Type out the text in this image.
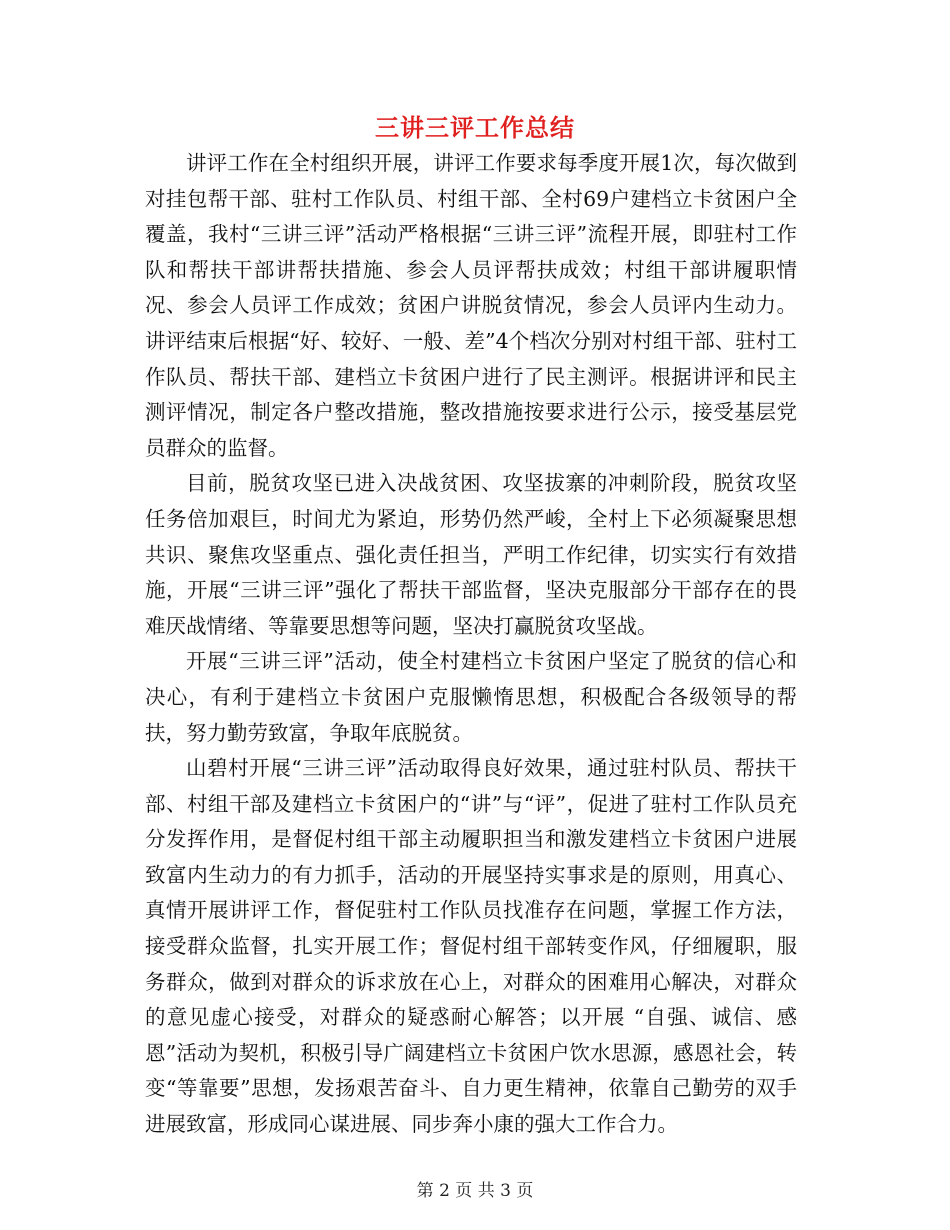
三讲三评工作总结

讲评工作在全村组织开展，讲评工作要求每季度开展1次，每次做到对挂包帮干部、驻村工作队员、村组干部、全村69户建档立卡贫困户全覆盖，我村“三讲三评”活动严格根据“三讲三评”流程开展，即驻村工作队和帮扶干部讲帮扶措施、参会人员评帮扶成效；村组干部讲履职情况、参会人员评工作成效；贫困户讲脱贫情况，参会人员评内生动力。讲评结束后根据“好、较好、一般、差”4个档次分别对村组干部、驻村工作队员、帮扶干部、建档立卡贫困户进行了民主测评。根据讲评和民主测评情况，制定各户整改措施，整改措施按要求进行公示，接受基层党员群众的监督。

目前，脱贫攻坚已进入决战贫困、攻坚拔寨的冲刺阶段，脱贫攻坚任务倍加艰巨，时间尤为紧迫，形势仍然严峻，全村上下必须凝聚思想共识、聚焦攻坚重点、强化责任担当，严明工作纪律，切实实行有效措施，开展“三讲三评”强化了帮扶干部监督，坚决克服部分干部存在的畏难厌战情绪、等靠要思想等问题，坚决打赢脱贫攻坚战。

开展“三讲三评”活动，使全村建档立卡贫困户坚定了脱贫的信心和决心，有利于建档立卡贫困户克服懒惰思想，积极配合各级领导的帮扶，努力勤劳致富，争取年底脱贫。

山碧村开展“三讲三评”活动取得良好效果，通过驻村队员、帮扶干部、村组干部及建档立卡贫困户的“讲”与“评”，促进了驻村工作队员充分发挥作用，是督促村组干部主动履职担当和激发建档立卡贫困户进展致富内生动力的有力抓手，活动的开展坚持实事求是的原则，用真心、真情开展讲评工作，督促驻村工作队员找准存在问题，掌握工作方法，接受群众监督，扎实开展工作；督促村组干部转变作风，仔细履职，服务群众，做到对群众的诉求放在心上，对群众的困难用心解决，对群众的意见虚心接受，对群众的疑惑耐心解答；以开展 “自强、诚信、感恩”活动为契机，积极引导广阔建档立卡贫困户饮水思源，感恩社会，转变“等靠要”思想，发扬艰苦奋斗、自力更生精神，依靠自己勤劳的双手进展致富，形成同心谋进展、同步奔小康的强大工作合力。

第 2 页 共 3 页
